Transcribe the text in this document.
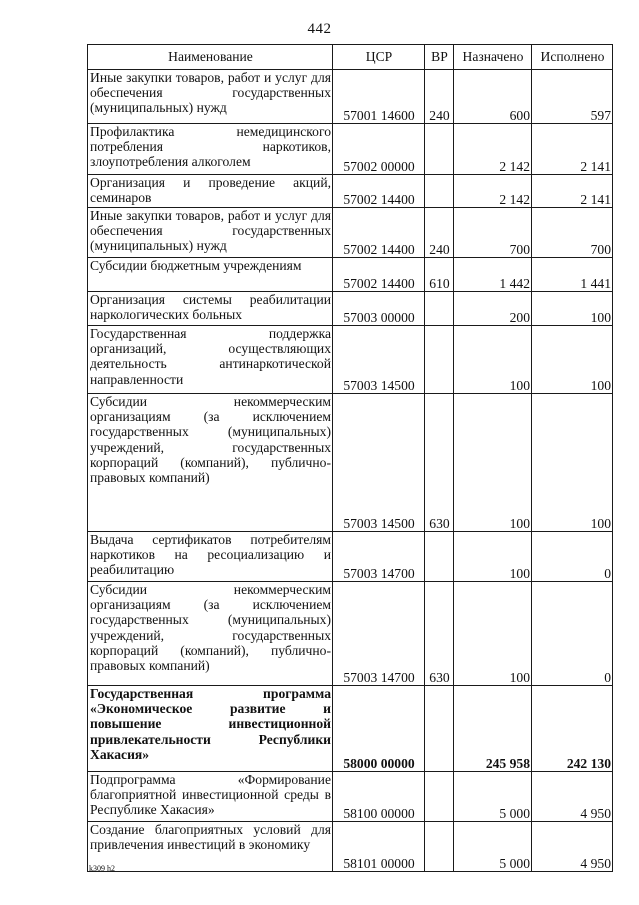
442
Наименование	ЦСР	ВР	Назначено	Исполнено
Иные закупки товаров, работ и услуг для обеспечения государственных (муниципальных) нужд	57001 14600	240	600	597
Профилактика немедицинского потребления наркотиков, злоупотребления алкоголем	57002 00000		2 142	2 141
Организация и проведение акций, семинаров	57002 14400		2 142	2 141
Иные закупки товаров, работ и услуг для обеспечения государственных (муниципальных) нужд	57002 14400	240	700	700
Субсидии бюджетным учреждениям	57002 14400	610	1 442	1 441
Организация системы реабилитации наркологических больных	57003 00000		200	100
Государственная поддержка организаций, осуществляющих деятельность антинаркотической направленности	57003 14500		100	100
Субсидии некоммерческим организациям (за исключением государственных (муниципальных) учреждений, государственных корпораций (компаний), публично-правовых компаний)	57003 14500	630	100	100
Выдача сертификатов потребителям наркотиков на ресоциализацию и реабилитацию	57003 14700		100	0
Субсидии некоммерческим организациям (за исключением государственных (муниципальных) учреждений, государственных корпораций (компаний), публично-правовых компаний)	57003 14700	630	100	0
Государственная программа «Экономическое развитие и повышение инвестиционной привлекательности Республики Хакасия»	58000 00000		245 958	242 130
Подпрограмма «Формирование благоприятной инвестиционной среды в Республике Хакасия»	58100 00000		5 000	4 950
Создание благоприятных условий для привлечения инвестиций в экономику	58101 00000		5 000	4 950
k309 h2
